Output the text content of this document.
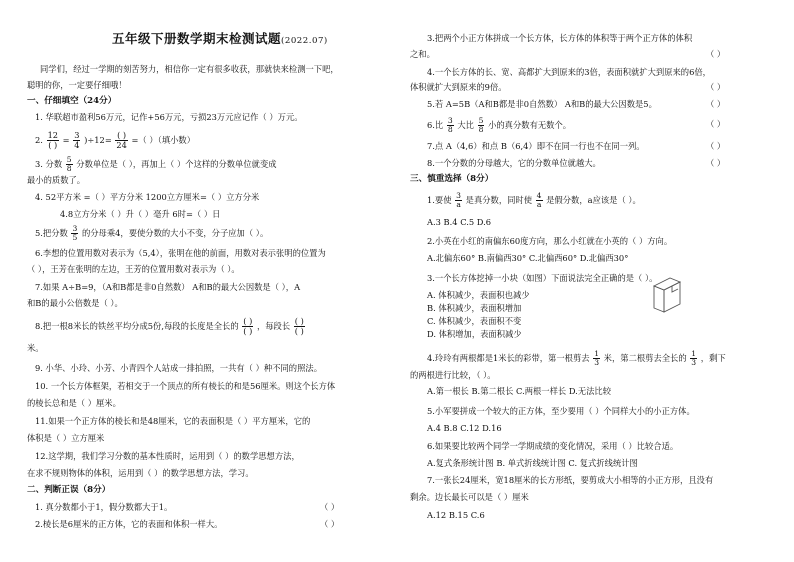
五年级下册数学期末检测试题(2022.07)
同学们，经过一学期的刻苦努力，相信你一定有很多收获，那就快来检测一下吧，
聪明的你，一定要仔细哦！
一、仔细填空（24分）
1. 华联超市盈利56万元，记作+56万元，亏损23万元应记作（ ）万元。
2. $\frac{12}{( )} = \frac{3}{4} )\div 12= \frac{( )}{24}$ =（ ）（填小数）
3. 分数 $\frac{5}{8}$ 分数单位是（ ），再加上（ ）个这样的分数单位就变成
最小的质数了。
4. 52平方米 =（ ）平方分米 1200立方厘米=（ ）立方分米
4.8立方分米（ ）升（ ）毫升 6时=（ ）日
5.把分数 $\frac{3}{5}$ 的分母乘4，要使分数的大小不变，分子应加（ ）。
6.李想的位置用数对表示为（5,4），张明在他的前面，用数对表示张明的位置为
（ ），王芳在张明的左边，王芳的位置用数对表示为（ ）。
7.如果 A÷B=9，（A和B都是非0自然数） A和B的最大公因数是（ ），A
和B的最小公倍数是（ ）。
8.把一根8米长的铁丝平均分成5份,每段的长度是全长的 $\frac{( )}{( )}$ ，每段长 $\frac{( )}{( )}$
米。
9. 小华、小玲、小芳、小青四个人站成一排拍照，一共有（ ）种不同的照法。
10. 一个长方体框架，若相交于一个顶点的所有棱长的和是56厘米。则这个长方体
的棱长总和是（ ）厘米。
11.如果一个正方体的棱长和是48厘米，它的表面积是（ ）平方厘米，它的
体积是（ ）立方厘米
12.这学期，我们学习分数的基本性质时，运用到（ ）的数学思想方法，
在求不规则物体的体积，运用到（ ）的数学思想方法，学习。
二、判断正误（8分）
1. 真分数都小于1，假分数都大于1。	（ ）
2.棱长是6厘米的正方体，它的表面和体积一样大。	（ ）
3.把两个小正方体拼成一个长方体，长方体的体积等于两个正方体的体积
之和。	（ ）
4.一个长方体的长、宽、高都扩大到原来的3倍，表面积就扩大到原来的6倍，
体积就扩大到原来的9倍。	（ ）
5.若 A=5B（A和B都是非0自然数） A和B的最大公因数是5。	（ ）
6.比 $\frac{3}{8}$ 大比 $\frac{5}{8}$ 小的真分数有无数个。	（ ）
7.点 A（4,6）和点 B（6,4）即不在同一行也不在同一列。	（ ）
8.一个分数的分母越大，它的分数单位就越大。	（ ）
三、慎重选择（8分）
1.要使 $\frac{3}{a}$ 是真分数，同时使 $\frac{4}{a}$ 是假分数，a应该是（ ）。
A.3 B.4 C.5 D.6
2.小英在小红的南偏东60度方向，那么小红就在小英的（ ）方向。
A.北偏东60° B.南偏西30° C.北偏西60° D.北偏西30°
3.一个长方体挖掉一小块（如图）下面说法完全正确的是（ ）。
A. 体积减少，表面积也减少
B. 体积减少，表面积增加
C. 体积减少，表面积不变
D. 体积增加，表面积减少
4.玲玲有两根都是1米长的彩带，第一根剪去 $\frac{1}{3}$ 米，第二根剪去全长的 $\frac{1}{3}$ ，剩下
的两根进行比较，（ ）。
A.第一根长 B.第二根长 C.两根一样长 D.无法比较
5.小军要拼成一个较大的正方体，至少要用（ ）个同样大小的小正方体。
A.4 B.8 C.12 D.16
6.如果要比较两个同学一学期成绩的变化情况，采用（ ）比较合适。
A.复式条形统计图 B. 单式折线统计图 C. 复式折线统计图
7.一张长24厘米，宽18厘米的长方形纸，要剪成大小相等的小正方形，且没有
剩余。边长最长可以是（ ）厘米
A.12 B.15 C.6
